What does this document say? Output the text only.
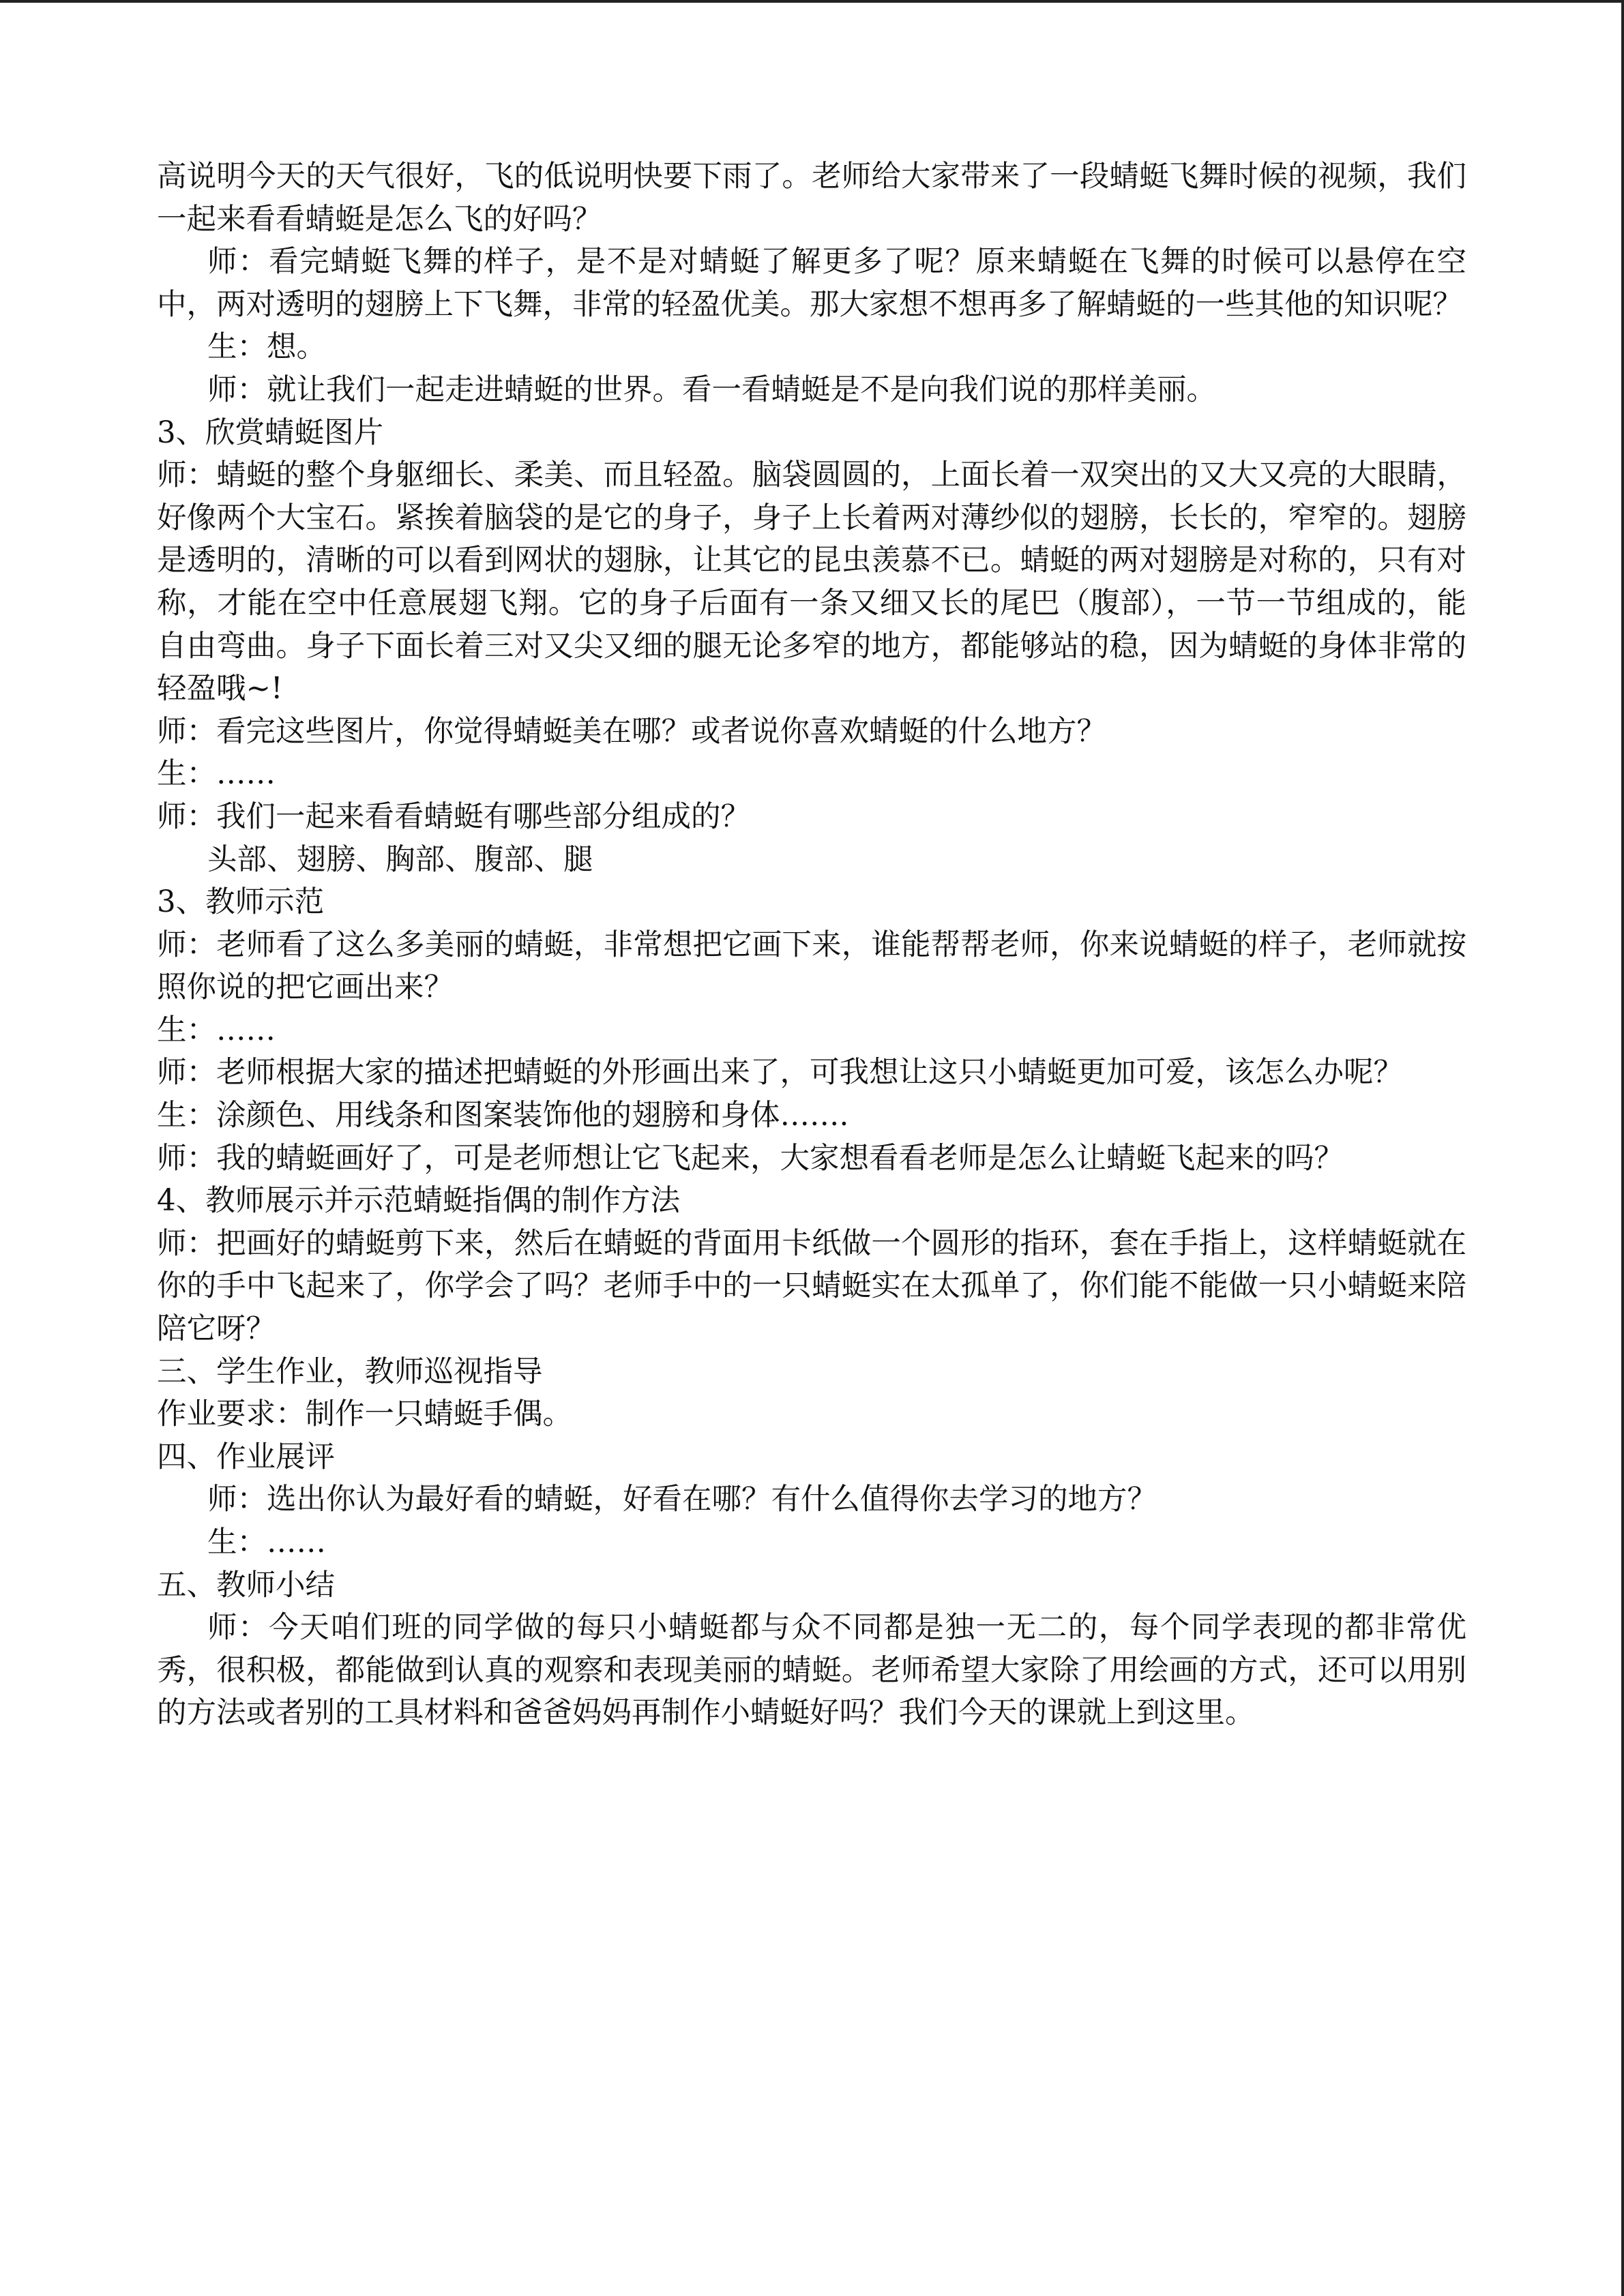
高说明今天的天气很好，飞的低说明快要下雨了。老师给大家带来了一段蜻蜓飞舞时候的视频，我们一起来看看蜻蜓是怎么飞的好吗？

师：看完蜻蜓飞舞的样子，是不是对蜻蜓了解更多了呢？原来蜻蜓在飞舞的时候可以悬停在空中，两对透明的翅膀上下飞舞，非常的轻盈优美。那大家想不想再多了解蜻蜓的一些其他的知识呢？

生：想。

师：就让我们一起走进蜻蜓的世界。看一看蜻蜓是不是向我们说的那样美丽。

3、欣赏蜻蜓图片

师：蜻蜓的整个身躯细长、柔美、而且轻盈。脑袋圆圆的，上面长着一双突出的又大又亮的大眼睛，好像两个大宝石。紧挨着脑袋的是它的身子，身子上长着两对薄纱似的翅膀，长长的，窄窄的。翅膀是透明的，清晰的可以看到网状的翅脉，让其它的昆虫羡慕不已。蜻蜓的两对翅膀是对称的，只有对称，才能在空中任意展翅飞翔。它的身子后面有一条又细又长的尾巴（腹部），一节一节组成的，能自由弯曲。身子下面长着三对又尖又细的腿无论多窄的地方，都能够站的稳，因为蜻蜓的身体非常的轻盈哦~!

师：看完这些图片，你觉得蜻蜓美在哪？或者说你喜欢蜻蜓的什么地方？

生：……

师：我们一起来看看蜻蜓有哪些部分组成的？

头部、翅膀、胸部、腹部、腿

3、教师示范

师：老师看了这么多美丽的蜻蜓，非常想把它画下来，谁能帮帮老师，你来说蜻蜓的样子，老师就按照你说的把它画出来？

生：……

师：老师根据大家的描述把蜻蜓的外形画出来了，可我想让这只小蜻蜓更加可爱，该怎么办呢？

生：涂颜色、用线条和图案装饰他的翅膀和身体…….

师：我的蜻蜓画好了，可是老师想让它飞起来，大家想看看老师是怎么让蜻蜓飞起来的吗？

4、教师展示并示范蜻蜓指偶的制作方法

师：把画好的蜻蜓剪下来，然后在蜻蜓的背面用卡纸做一个圆形的指环，套在手指上，这样蜻蜓就在你的手中飞起来了，你学会了吗？老师手中的一只蜻蜓实在太孤单了，你们能不能做一只小蜻蜓来陪陪它呀？

三、学生作业，教师巡视指导

作业要求：制作一只蜻蜓手偶。

四、作业展评

师：选出你认为最好看的蜻蜓，好看在哪？有什么值得你去学习的地方？

生：……

五、教师小结

师：今天咱们班的同学做的每只小蜻蜓都与众不同都是独一无二的，每个同学表现的都非常优秀，很积极，都能做到认真的观察和表现美丽的蜻蜓。老师希望大家除了用绘画的方式，还可以用别的方法或者别的工具材料和爸爸妈妈再制作小蜻蜓好吗？我们今天的课就上到这里。
